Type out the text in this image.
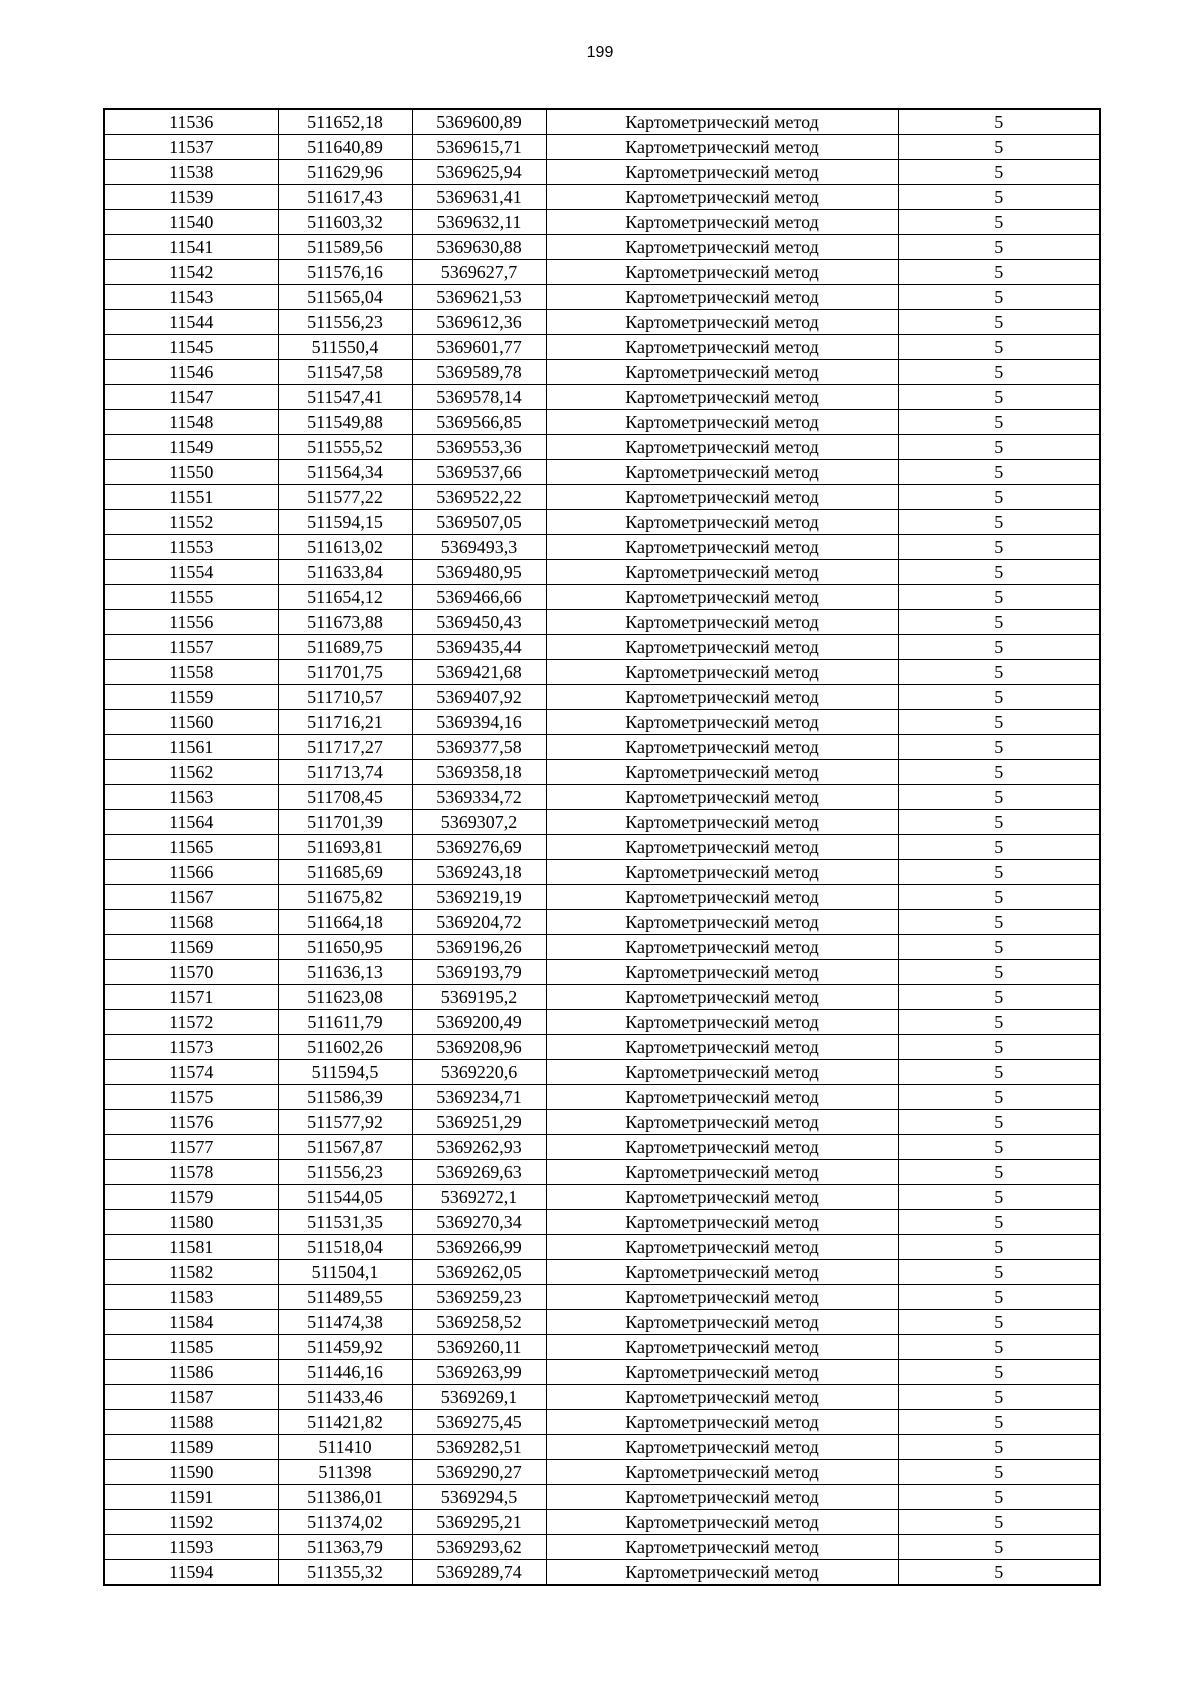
199
11536	511652,18	5369600,89	Картометрический метод	5
11537	511640,89	5369615,71	Картометрический метод	5
11538	511629,96	5369625,94	Картометрический метод	5
11539	511617,43	5369631,41	Картометрический метод	5
11540	511603,32	5369632,11	Картометрический метод	5
11541	511589,56	5369630,88	Картометрический метод	5
11542	511576,16	5369627,7	Картометрический метод	5
11543	511565,04	5369621,53	Картометрический метод	5
11544	511556,23	5369612,36	Картометрический метод	5
11545	511550,4	5369601,77	Картометрический метод	5
11546	511547,58	5369589,78	Картометрический метод	5
11547	511547,41	5369578,14	Картометрический метод	5
11548	511549,88	5369566,85	Картометрический метод	5
11549	511555,52	5369553,36	Картометрический метод	5
11550	511564,34	5369537,66	Картометрический метод	5
11551	511577,22	5369522,22	Картометрический метод	5
11552	511594,15	5369507,05	Картометрический метод	5
11553	511613,02	5369493,3	Картометрический метод	5
11554	511633,84	5369480,95	Картометрический метод	5
11555	511654,12	5369466,66	Картометрический метод	5
11556	511673,88	5369450,43	Картометрический метод	5
11557	511689,75	5369435,44	Картометрический метод	5
11558	511701,75	5369421,68	Картометрический метод	5
11559	511710,57	5369407,92	Картометрический метод	5
11560	511716,21	5369394,16	Картометрический метод	5
11561	511717,27	5369377,58	Картометрический метод	5
11562	511713,74	5369358,18	Картометрический метод	5
11563	511708,45	5369334,72	Картометрический метод	5
11564	511701,39	5369307,2	Картометрический метод	5
11565	511693,81	5369276,69	Картометрический метод	5
11566	511685,69	5369243,18	Картометрический метод	5
11567	511675,82	5369219,19	Картометрический метод	5
11568	511664,18	5369204,72	Картометрический метод	5
11569	511650,95	5369196,26	Картометрический метод	5
11570	511636,13	5369193,79	Картометрический метод	5
11571	511623,08	5369195,2	Картометрический метод	5
11572	511611,79	5369200,49	Картометрический метод	5
11573	511602,26	5369208,96	Картометрический метод	5
11574	511594,5	5369220,6	Картометрический метод	5
11575	511586,39	5369234,71	Картометрический метод	5
11576	511577,92	5369251,29	Картометрический метод	5
11577	511567,87	5369262,93	Картометрический метод	5
11578	511556,23	5369269,63	Картометрический метод	5
11579	511544,05	5369272,1	Картометрический метод	5
11580	511531,35	5369270,34	Картометрический метод	5
11581	511518,04	5369266,99	Картометрический метод	5
11582	511504,1	5369262,05	Картометрический метод	5
11583	511489,55	5369259,23	Картометрический метод	5
11584	511474,38	5369258,52	Картометрический метод	5
11585	511459,92	5369260,11	Картометрический метод	5
11586	511446,16	5369263,99	Картометрический метод	5
11587	511433,46	5369269,1	Картометрический метод	5
11588	511421,82	5369275,45	Картометрический метод	5
11589	511410	5369282,51	Картометрический метод	5
11590	511398	5369290,27	Картометрический метод	5
11591	511386,01	5369294,5	Картометрический метод	5
11592	511374,02	5369295,21	Картометрический метод	5
11593	511363,79	5369293,62	Картометрический метод	5
11594	511355,32	5369289,74	Картометрический метод	5
